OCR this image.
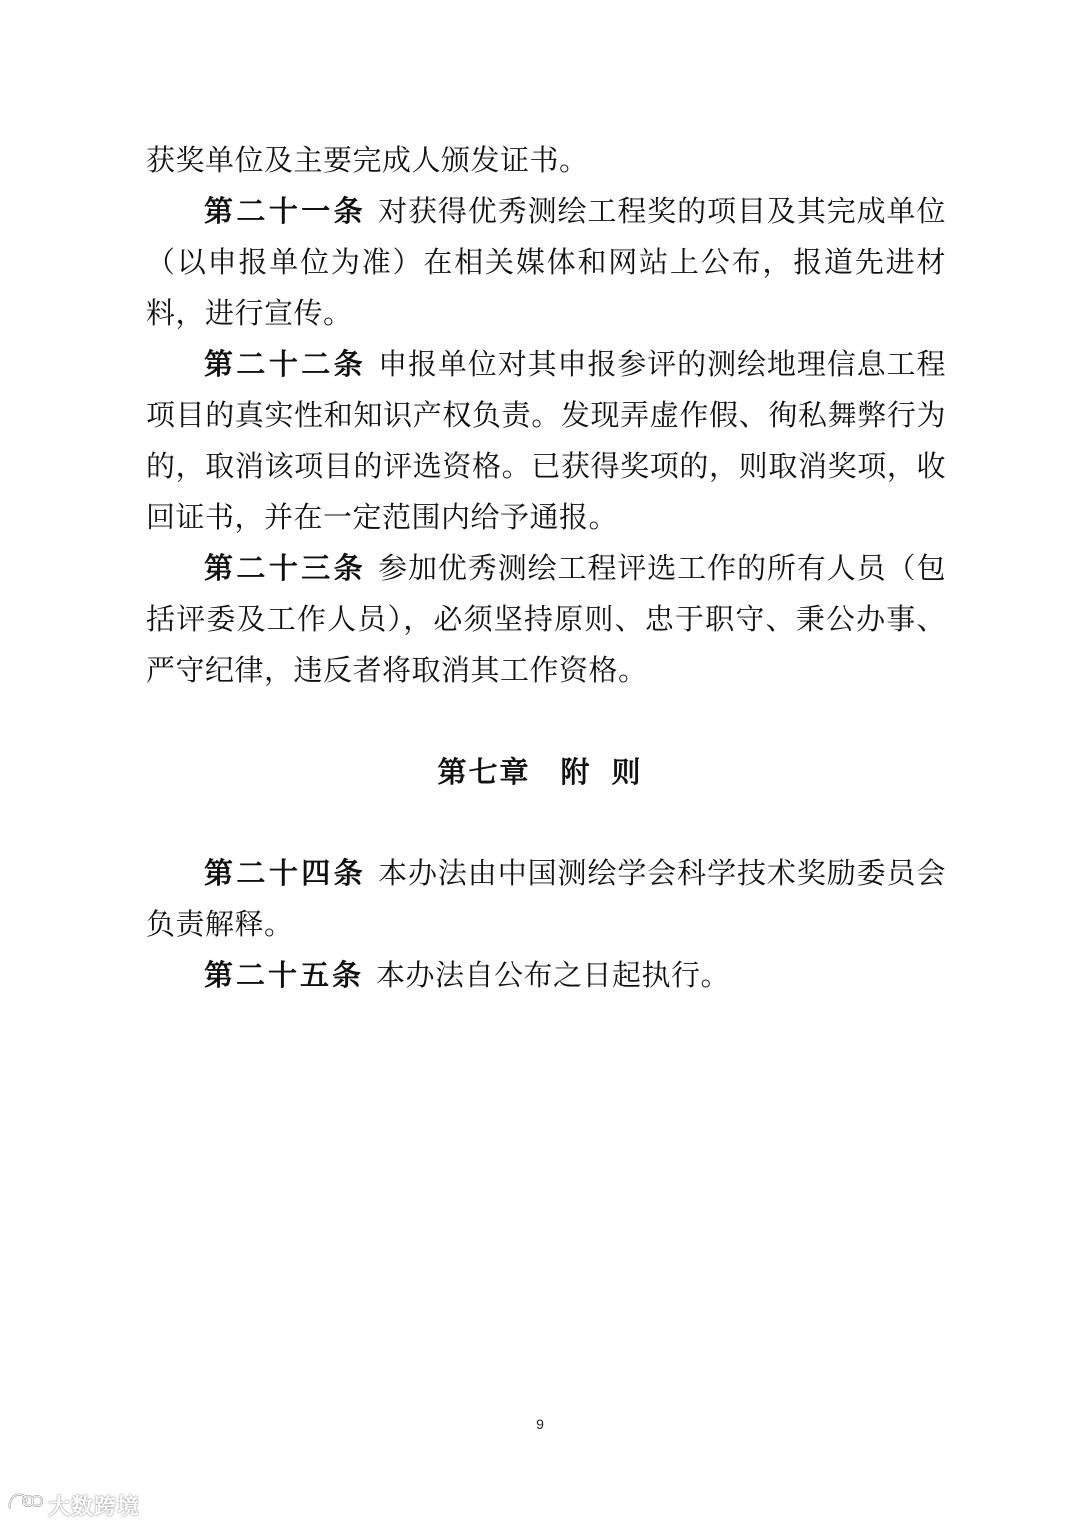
获奖单位及主要完成人颁发证书。

第二十一条 对获得优秀测绘工程奖的项目及其完成单位（以申报单位为准）在相关媒体和网站上公布，报道先进材料，进行宣传。

第二十二条 申报单位对其申报参评的测绘地理信息工程项目的真实性和知识产权负责。发现弄虚作假、徇私舞弊行为的，取消该项目的评选资格。已获得奖项的，则取消奖项，收回证书，并在一定范围内给予通报。

第二十三条 参加优秀测绘工程评选工作的所有人员（包括评委及工作人员），必须坚持原则、忠于职守、秉公办事、严守纪律，违反者将取消其工作资格。

第七章 附 则

第二十四条 本办法由中国测绘学会科学技术奖励委员会负责解释。

第二十五条 本办法自公布之日起执行。

9
大数跨境
